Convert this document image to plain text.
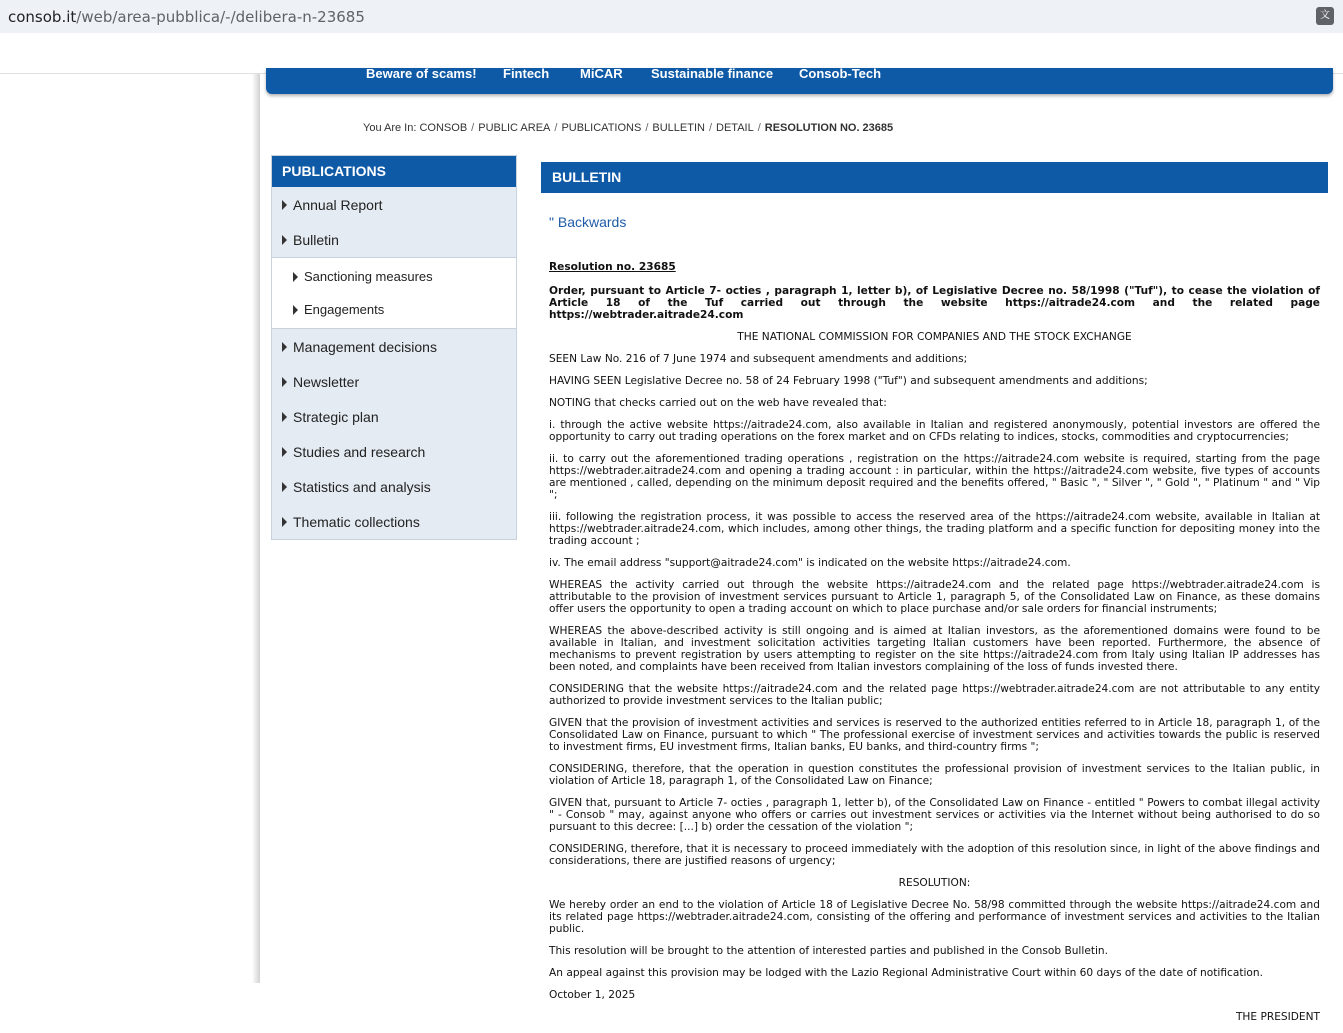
consob.it /web/area-pubblica/-/delibera-n-23685	文
Beware of scams! Fintech MiCAR Sustainable finance Consob-Tech
You Are In: CONSOB / PUBLIC AREA / PUBLICATIONS / BULLETIN / DETAIL / RESOLUTION NO. 23685
PUBLICATIONS
Annual Report
Bulletin
Sanctioning measures
Engagements
Management decisions
Newsletter
Strategic plan
Studies and research
Statistics and analysis
Thematic collections
BULLETIN
" Backwards

Resolution no. 23685

Order, pursuant to Article 7- octies , paragraph 1, letter b), of Legislative Decree no. 58/1998 ("Tuf"), to cease the violation of Article 18 of the Tuf carried out through the website https://aitrade24.com and the related page https://webtrader.aitrade24.com

THE NATIONAL COMMISSION FOR COMPANIES AND THE STOCK EXCHANGE

SEEN Law No. 216 of 7 June 1974 and subsequent amendments and additions;

HAVING SEEN Legislative Decree no. 58 of 24 February 1998 ("Tuf") and subsequent amendments and additions;

NOTING that checks carried out on the web have revealed that:

i. through the active website https://aitrade24.com, also available in Italian and registered anonymously, potential investors are offered the opportunity to carry out trading operations on the forex market and on CFDs relating to indices, stocks, commodities and cryptocurrencies;

ii. to carry out the aforementioned trading operations , registration on the https://aitrade24.com website is required, starting from the page https://webtrader.aitrade24.com and opening a trading account : in particular, within the https://aitrade24.com website, five types of accounts are mentioned , called, depending on the minimum deposit required and the benefits offered, " Basic ", " Silver ", " Gold ", " Platinum " and " Vip ";

iii. following the registration process, it was possible to access the reserved area of the https://aitrade24.com website, available in Italian at https://webtrader.aitrade24.com, which includes, among other things, the trading platform and a specific function for depositing money into the trading account ;

iv. The email address "support@aitrade24.com" is indicated on the website https://aitrade24.com.

WHEREAS the activity carried out through the website https://aitrade24.com and the related page https://webtrader.aitrade24.com is attributable to the provision of investment services pursuant to Article 1, paragraph 5, of the Consolidated Law on Finance, as these domains offer users the opportunity to open a trading account on which to place purchase and/or sale orders for financial instruments;

WHEREAS the above-described activity is still ongoing and is aimed at Italian investors, as the aforementioned domains were found to be available in Italian, and investment solicitation activities targeting Italian customers have been reported. Furthermore, the absence of mechanisms to prevent registration by users attempting to register on the site https://aitrade24.com from Italy using Italian IP addresses has been noted, and complaints have been received from Italian investors complaining of the loss of funds invested there.

CONSIDERING that the website https://aitrade24.com and the related page https://webtrader.aitrade24.com are not attributable to any entity authorized to provide investment services to the Italian public;

GIVEN that the provision of investment activities and services is reserved to the authorized entities referred to in Article 18, paragraph 1, of the Consolidated Law on Finance, pursuant to which " The professional exercise of investment services and activities towards the public is reserved to investment firms, EU investment firms, Italian banks, EU banks, and third-country firms ";

CONSIDERING, therefore, that the operation in question constitutes the professional provision of investment services to the Italian public, in violation of Article 18, paragraph 1, of the Consolidated Law on Finance;

GIVEN that, pursuant to Article 7- octies , paragraph 1, letter b), of the Consolidated Law on Finance - entitled " Powers to combat illegal activity " - Consob " may, against anyone who offers or carries out investment services or activities via the Internet without being authorised to do so pursuant to this decree: [...] b) order the cessation of the violation ";

CONSIDERING, therefore, that it is necessary to proceed immediately with the adoption of this resolution since, in light of the above findings and considerations, there are justified reasons of urgency;

RESOLUTION:

We hereby order an end to the violation of Article 18 of Legislative Decree No. 58/98 committed through the website https://aitrade24.com and its related page https://webtrader.aitrade24.com, consisting of the offering and performance of investment services and activities to the Italian public.

This resolution will be brought to the attention of interested parties and published in the Consob Bulletin.

An appeal against this provision may be lodged with the Lazio Regional Administrative Court within 60 days of the date of notification.

October 1, 2025

THE PRESIDENT
